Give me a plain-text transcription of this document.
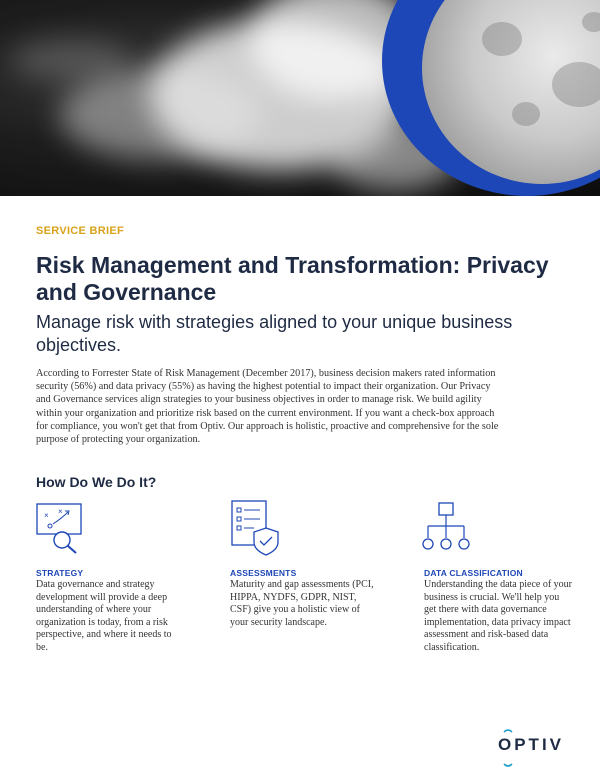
SERVICE BRIEF
Risk Management and Transformation: Privacy and Governance

Manage risk with strategies aligned to your unique business objectives.

According to Forrester State of Risk Management (December 2017), business decision makers rated information security (56%) and data privacy (55%) as having the highest potential to impact their organization. Our Privacy and Governance services align strategies to your business objectives in order to manage risk. We build agility within your organization and prioritize risk based on the current environment. If you want a check-box approach for compliance, you won't get that from Optiv. Our approach is holistic, proactive and comprehensive for the sole purpose of protecting your organization.

How Do We Do It?
× ×
STRATEGY

Data governance and strategy development will provide a deep understanding of where your organization is today, from a risk perspective, and where it needs to be.

ASSESSMENTS

Maturity and gap assessments (PCI, HIPPA, NYDFS, GDPR, NIST, CSF) give you a holistic view of your security landscape.

DATA CLASSIFICATION

Understanding the data piece of your business is crucial. We'll help you get there with data governance implementation, data privacy impact assessment and risk-based data classification.

OPTIV
